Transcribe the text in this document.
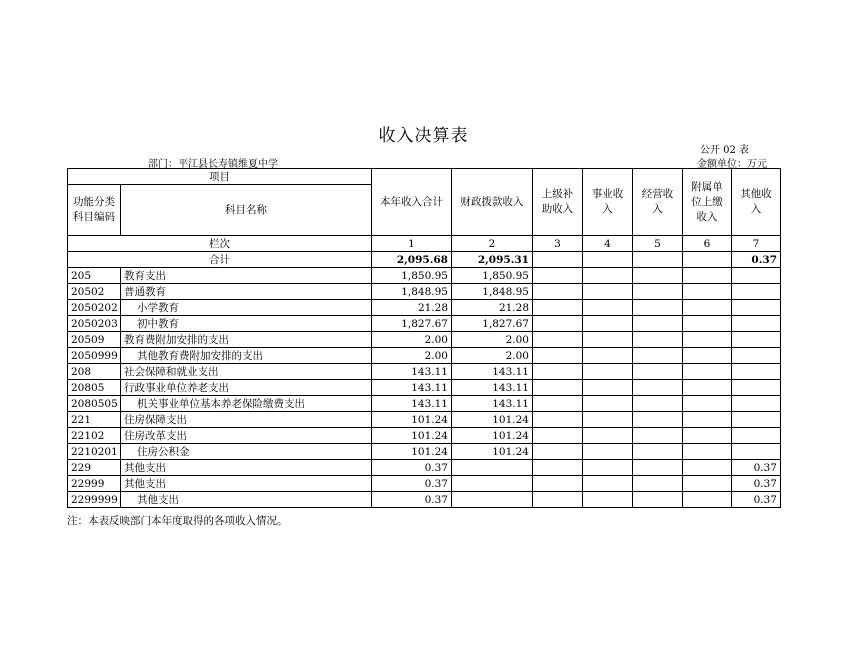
收入决算表
公开 02 表
部门：平江县长寿镇维夏中学	金额单位：万元
项目		本年收入合计	财政拨款收入	上级补助收入	事业收入	经营收入	附属单位上缴收入	其他收入
功能分类科目编码	科目名称							
栏次		1	2	3	4	5	6	7
合计		2,095.68	2,095.31					0.37
205	教育支出	1,850.95	1,850.95					
20502	普通教育	1,848.95	1,848.95					
2050202	小学教育	21.28	21.28					
2050203	初中教育	1,827.67	1,827.67					
20509	教育费附加安排的支出	2.00	2.00					
2050999	其他教育费附加安排的支出	2.00	2.00					
208	社会保障和就业支出	143.11	143.11					
20805	行政事业单位养老支出	143.11	143.11					
2080505	机关事业单位基本养老保险缴费支出	143.11	143.11					
221	住房保障支出	101.24	101.24					
22102	住房改革支出	101.24	101.24					
2210201	住房公积金	101.24	101.24					
229	其他支出	0.37						0.37
22999	其他支出	0.37						0.37
2299999	其他支出	0.37						0.37
注：本表反映部门本年度取得的各项收入情况。
